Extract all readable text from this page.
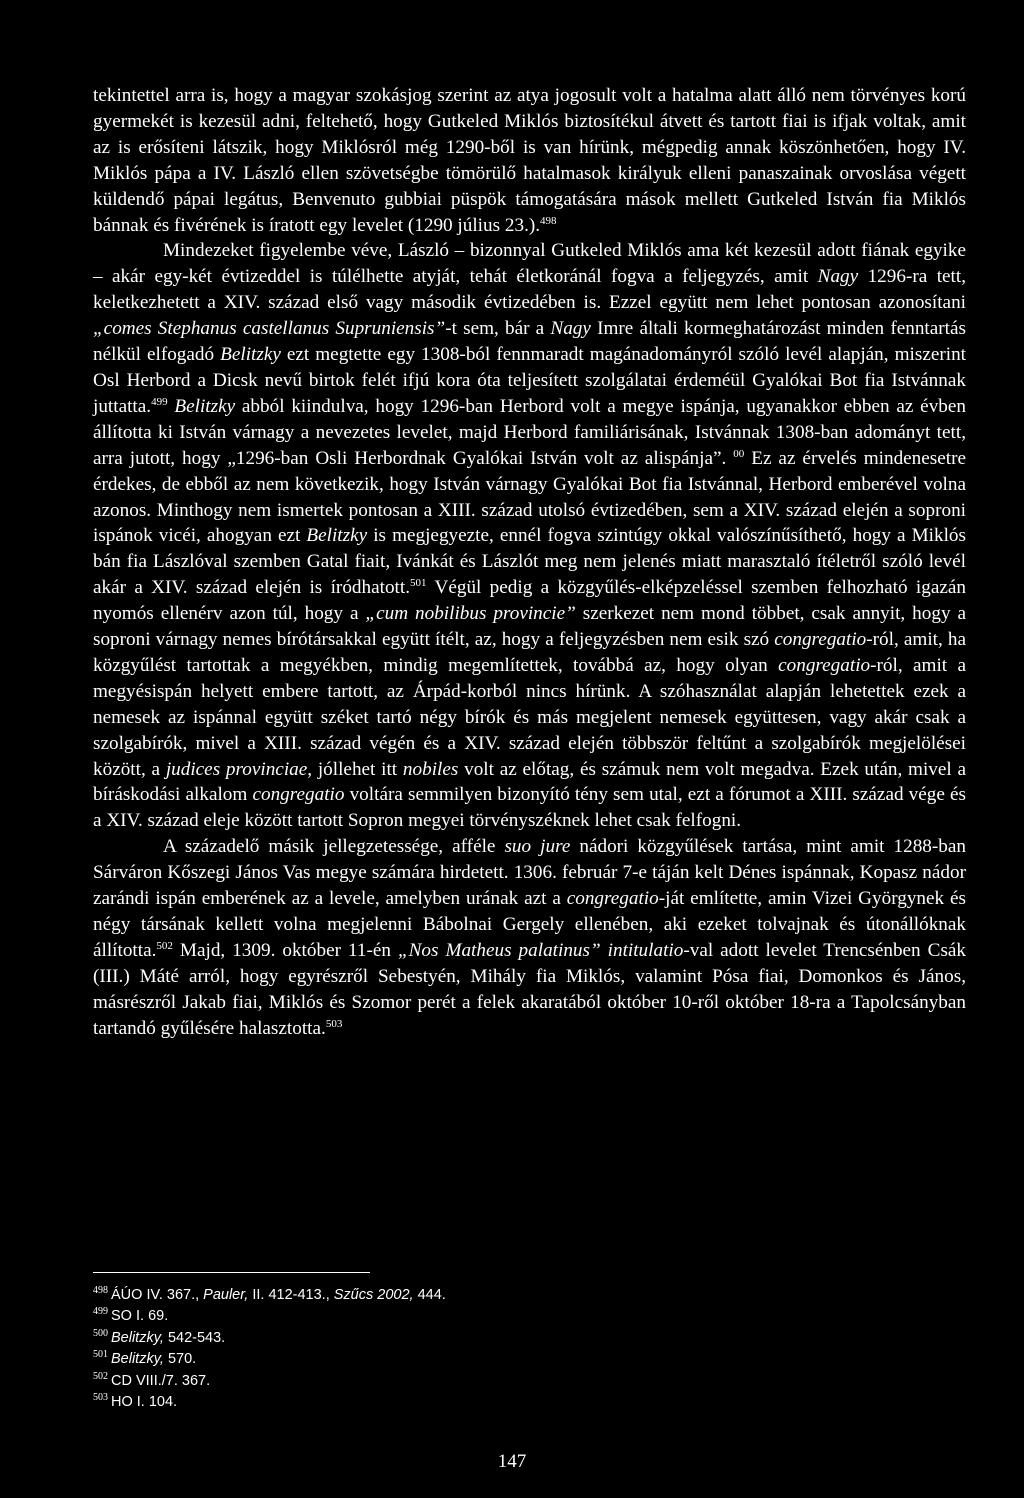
tekintettel arra is, hogy a magyar szokásjog szerint az atya jogosult volt a hatalma alatt álló nem törvényes korú gyermekét is kezesül adni, feltehető, hogy Gutkeled Miklós biztosítékul átvett és tartott fiai is ifjak voltak, amit az is erősíteni látszik, hogy Miklósról még 1290-ből is van hírünk, mégpedig annak köszönhetően, hogy IV. Miklós pápa a IV. László ellen szövetségbe tömörülő hatalmasok királyuk elleni panaszainak orvoslása végett küldendő pápai legátus, Benvenuto gubbiai püspök támogatására mások mellett Gutkeled István fia Miklós bánnak és fivérének is íratott egy levelet (1290 július 23.).$^{498}$

Mindezeket figyelembe véve, László – bizonnyal Gutkeled Miklós ama két kezesül adott fiának egyike – akár egy-két évtizeddel is túlélhette atyját, tehát életkoránál fogva a feljegyzés, amit Nagy 1296-ra tett, keletkezhetett a XIV. század első vagy második évtizedében is. Ezzel együtt nem lehet pontosan azonosítani „comes Stephanus castellanus Supruniensis”-t sem, bár a Nagy Imre általi kormeghatározást minden fenntartás nélkül elfogadó Belitzky ezt megtette egy 1308-ból fennmaradt magánadományról szóló levél alapján, miszerint Osl Herbord a Dicsk nevű birtok felét ifjú kora óta teljesített szolgálatai érdeméül Gyalókai Bot fia Istvánnak juttatta.$^{499}$ Belitzky abból kiindulva, hogy 1296-ban Herbord volt a megye ispánja, ugyanakkor ebben az évben állította ki István várnagy a nevezetes levelet, majd Herbord familiárisának, Istvánnak 1308-ban adományt tett, arra jutott, hogy „1296-ban Osli Herbordnak Gyalókai István volt az alispánja”. $^{00}$ Ez az érvelés mindenesetre érdekes, de ebből az nem következik, hogy István várnagy Gyalókai Bot fia Istvánnal, Herbord emberével volna azonos. Minthogy nem ismertek pontosan a XIII. század utolsó évtizedében, sem a XIV. század elején a soproni ispánok vicéi, ahogyan ezt Belitzky is megjegyezte, ennél fogva szintúgy okkal valószínűsíthető, hogy a Miklós bán fia Lászlóval szemben Gatal fiait, Ivánkát és Lászlót meg nem jelenés miatt marasztaló ítéletről szóló levél akár a XIV. század elején is íródhatott.$^{501}$ Végül pedig a közgyűlés-elképzeléssel szemben felhozható igazán nyomós ellenérv azon túl, hogy a „cum nobilibus provincie” szerkezet nem mond többet, csak annyit, hogy a soproni várnagy nemes bírótársakkal együtt ítélt, az, hogy a feljegyzésben nem esik szó congregatio-ról, amit, ha közgyűlést tartottak a megyékben, mindig megemlítettek, továbbá az, hogy olyan congregatio-ról, amit a megyésispán helyett embere tartott, az Árpád-korból nincs hírünk. A szóhasználat alapján lehetettek ezek a nemesek az ispánnal együtt széket tartó négy bírók és más megjelent nemesek együttesen, vagy akár csak a szolgabírók, mivel a XIII. század végén és a XIV. század elején többször feltűnt a szolgabírók megjelölései között, a judices provinciae, jóllehet itt nobiles volt az előtag, és számuk nem volt megadva. Ezek után, mivel a bíráskodási alkalom congregatio voltára semmilyen bizonyító tény sem utal, ezt a fórumot a XIII. század vége és a XIV. század eleje között tartott Sopron megyei törvényszéknek lehet csak felfogni.

A századelő másik jellegzetessége, afféle suo jure nádori közgyűlések tartása, mint amit 1288-ban Sárváron Kőszegi János Vas megye számára hirdetett. 1306. február 7-e táján kelt Dénes ispánnak, Kopasz nádor zarándi ispán emberének az a levele, amelyben urának azt a congregatio-ját említette, amin Vizei Györgynek és négy társának kellett volna megjelenni Bábolnai Gergely ellenében, aki ezeket tolvajnak és útonállóknak állította.$^{502}$ Majd, 1309. október 11-én „Nos Matheus palatinus” intitulatio-val adott levelet Trencsénben Csák (III.) Máté arról, hogy egyrészről Sebestyén, Mihály fia Miklós, valamint Pósa fiai, Domonkos és János, másrészről Jakab fiai, Miklós és Szomor perét a felek akaratából október 10-ről október 18-ra a Tapolcsányban tartandó gyűlésére halasztotta.$^{503}$

$^{498}$ ÁÚO IV. 367., Pauler, II. 412-413., Szűcs 2002, 444.
$^{499}$ SO I. 69.
$^{500}$ Belitzky, 542-543.
$^{501}$ Belitzky, 570.
$^{502}$ CD VIII./7. 367.
$^{503}$ HO I. 104.
147
